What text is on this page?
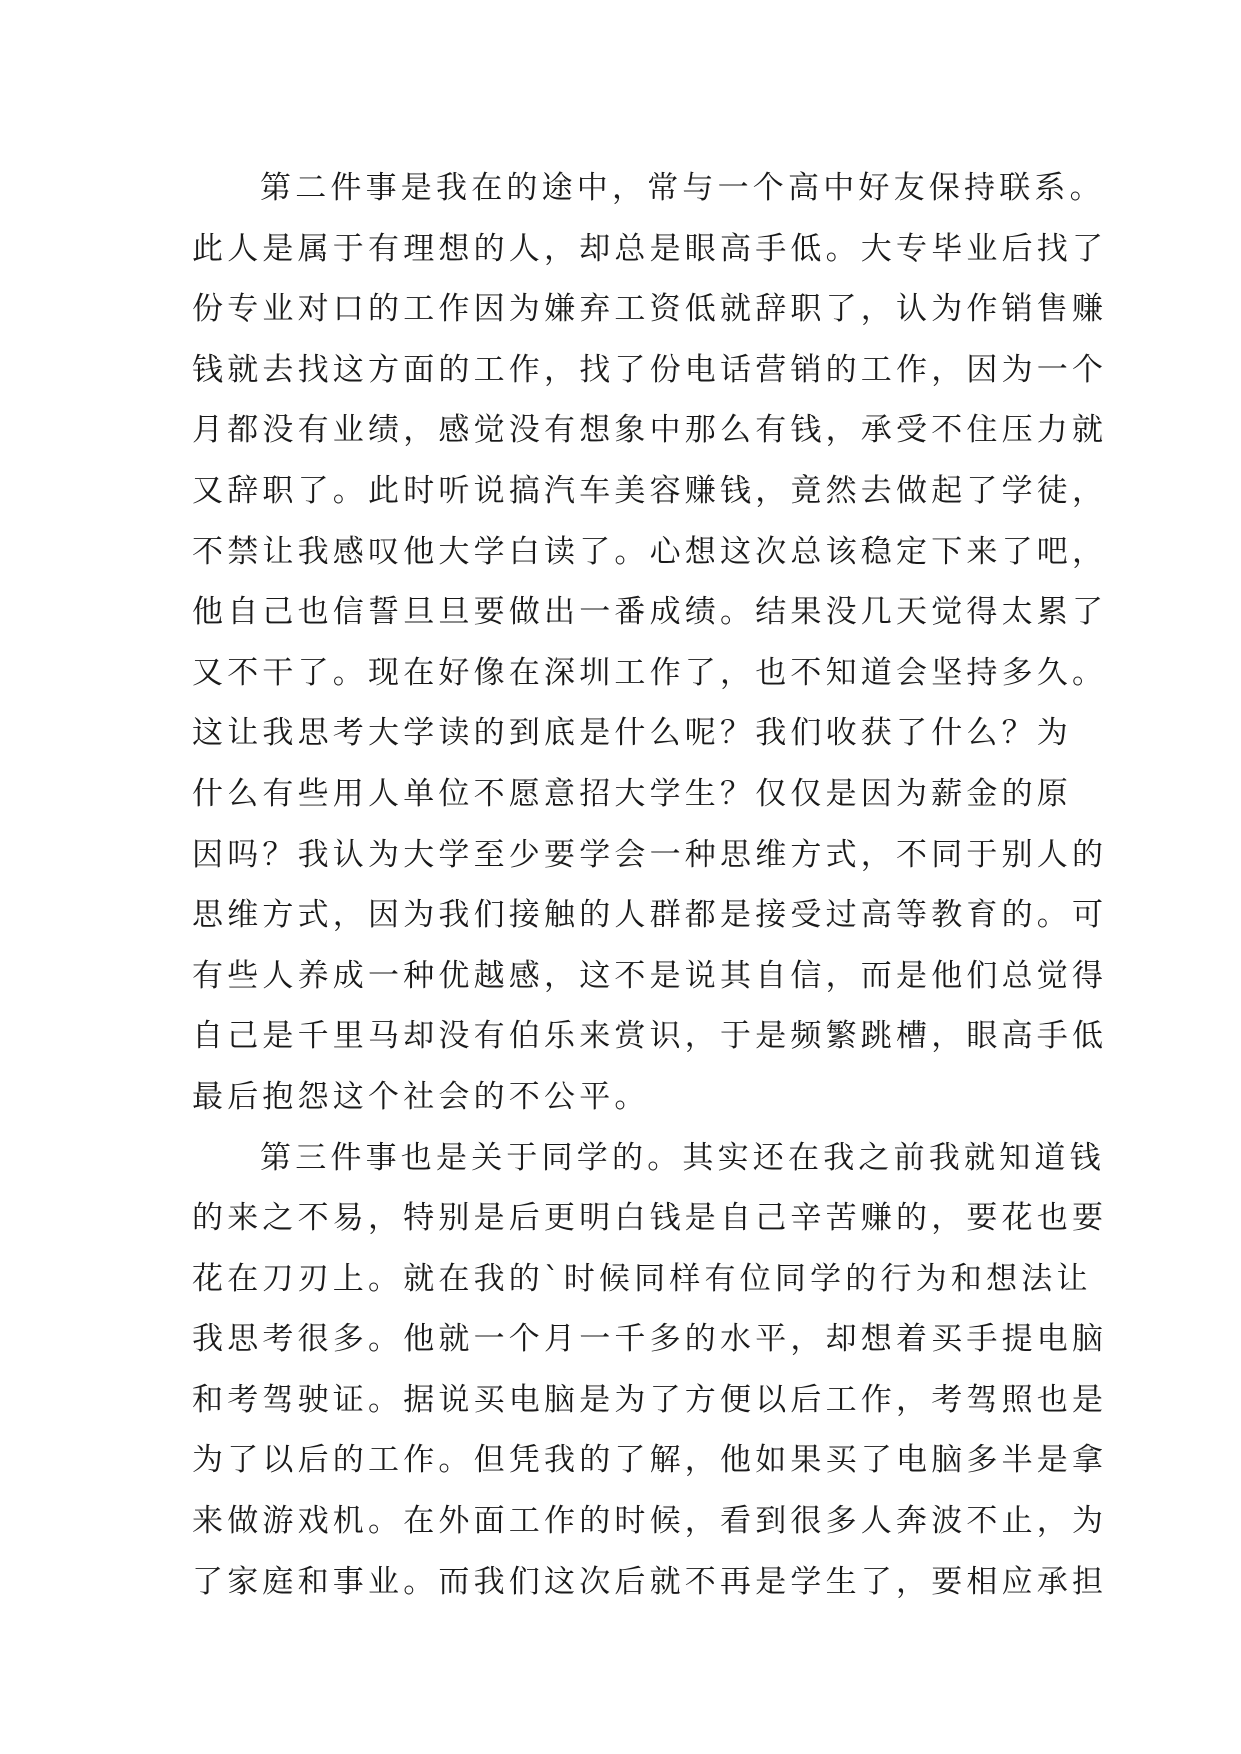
第二件事是我在的途中，常与一个高中好友保持联系。
此人是属于有理想的人，却总是眼高手低。大专毕业后找了
份专业对口的工作因为嫌弃工资低就辞职了，认为作销售赚
钱就去找这方面的工作，找了份电话营销的工作，因为一个
月都没有业绩，感觉没有想象中那么有钱，承受不住压力就
又辞职了。此时听说搞汽车美容赚钱，竟然去做起了学徒，
不禁让我感叹他大学白读了。心想这次总该稳定下来了吧，
他自己也信誓旦旦要做出一番成绩。结果没几天觉得太累了
又不干了。现在好像在深圳工作了，也不知道会坚持多久。
这让我思考大学读的到底是什么呢？我们收获了什么？为
什么有些用人单位不愿意招大学生？仅仅是因为薪金的原
因吗？我认为大学至少要学会一种思维方式，不同于别人的
思维方式，因为我们接触的人群都是接受过高等教育的。可
有些人养成一种优越感，这不是说其自信，而是他们总觉得
自己是千里马却没有伯乐来赏识，于是频繁跳槽，眼高手低
最后抱怨这个社会的不公平。
第三件事也是关于同学的。其实还在我之前我就知道钱
的来之不易，特别是后更明白钱是自己辛苦赚的，要花也要
花在刀刃上。就在我的`时候同样有位同学的行为和想法让
我思考很多。他就一个月一千多的水平，却想着买手提电脑
和考驾驶证。据说买电脑是为了方便以后工作，考驾照也是
为了以后的工作。但凭我的了解，他如果买了电脑多半是拿
来做游戏机。在外面工作的时候，看到很多人奔波不止，为
了家庭和事业。而我们这次后就不再是学生了，要相应承担
